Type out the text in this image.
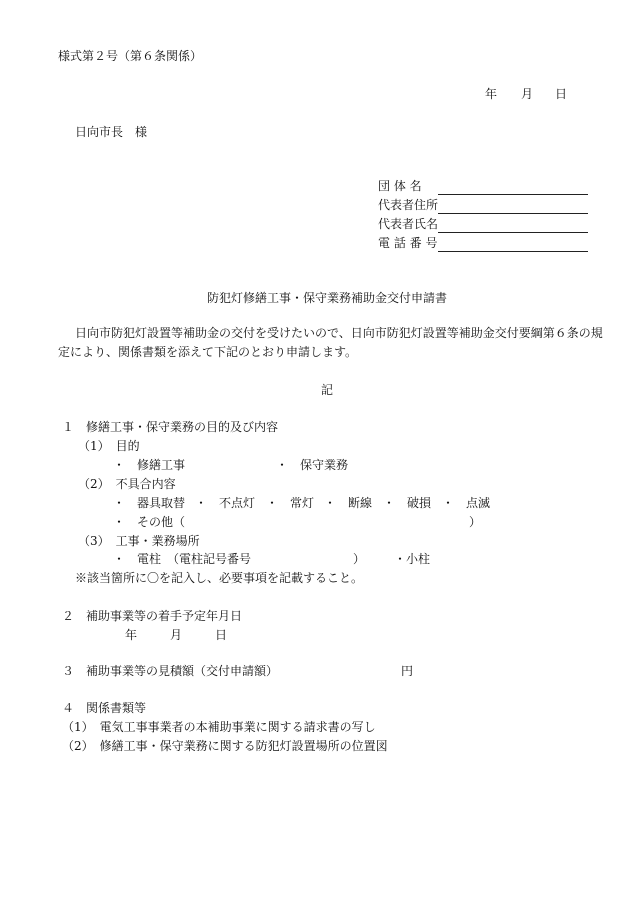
様式第２号（第６条関係）
年 月 日
日向市長　様
団 体 名
代表者住所
代表者氏名
電 話 番 号
防犯灯修繕工事・保守業務補助金交付申請書
日向市防犯灯設置等補助金の交付を受けたいので、日向市防犯灯設置等補助金交付要綱第６条の規
定により、関係書類を添えて下記のとおり申請します。
記
１　修繕工事・保守業務の目的及び内容
（1）　目的
・　修繕工事	・　保守業務
（2）　不具合内容
・　器具取替 ・　不点灯 ・　常灯 ・　断線 ・　破損 ・　点滅
・　その他（	）
（3）　工事・業務場所
・　電柱　（電柱記号番号	） ・小柱
※該当箇所に〇を記入し、必要事項を記載すること。
２　補助事業等の着手予定年月日
年	月	日
３　補助事業等の見積額（交付申請額）	円
４　関係書類等
（1）　電気工事事業者の本補助事業に関する請求書の写し
（2）　修繕工事・保守業務に関する防犯灯設置場所の位置図
